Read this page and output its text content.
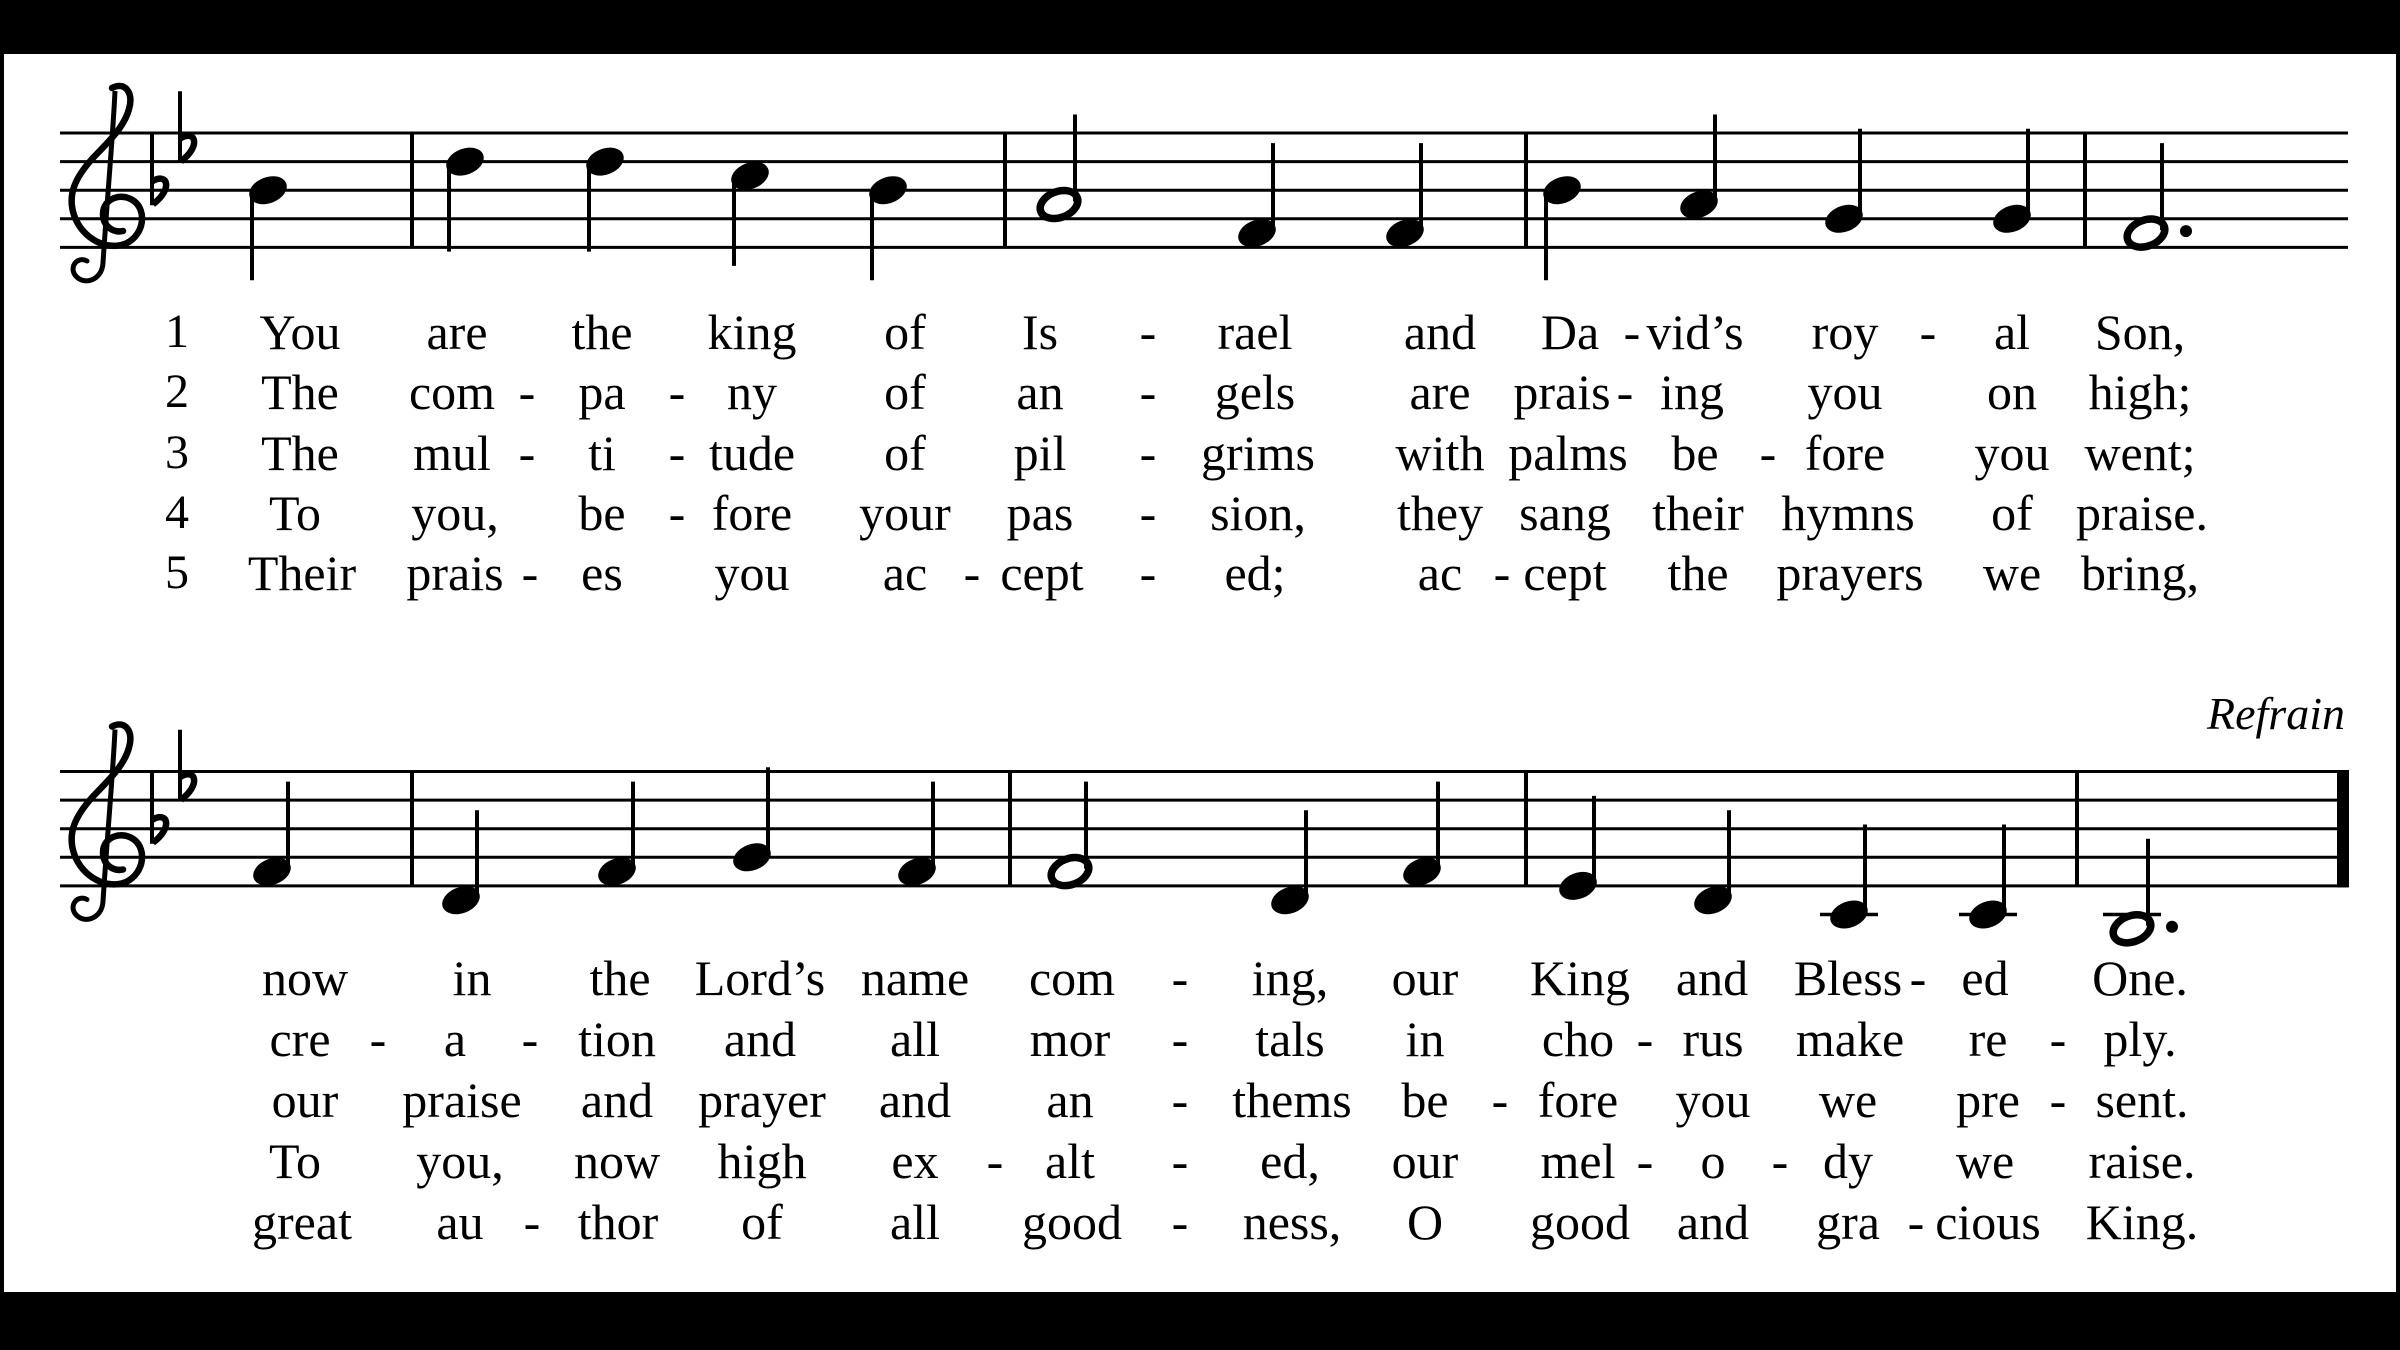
Refrain
1 You are the king of Is - rael and Da - vid’s roy - al Son,
2 The com - pa - ny of an - gels are prais - ing you on high;
3 The mul - ti - tude of pil - grims with palms be - fore you went;
4 To you, be - fore your pas - sion, they sang their hymns of praise.
5 Their prais - es you ac - cept - ed;	ac - cept the prayers we bring,
now in the Lord’s name com - ing, our King and Bless - ed One.
cre - a - tion and all mor - tals in cho - rus make re - ply.
our praise and prayer and an - thems be - fore you we pre - sent.
To you, now high ex - alt - ed, our mel - o - dy we raise.
great au - thor of all good - ness, O good and gra - cious King.
